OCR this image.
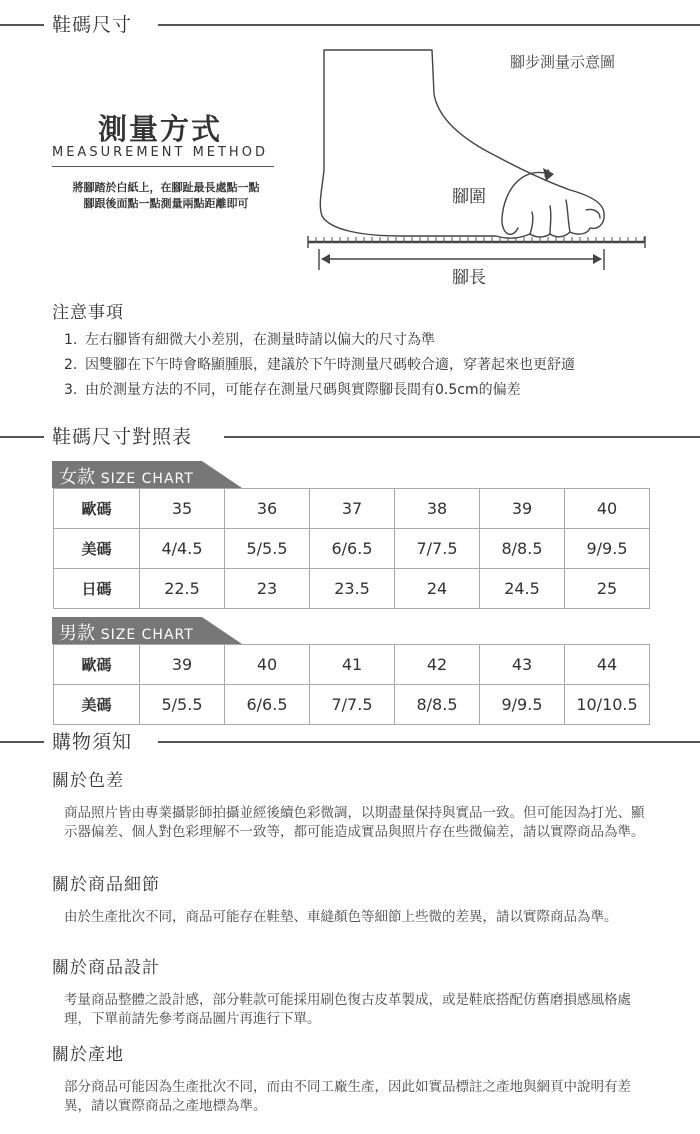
鞋碼尺寸
腳步測量示意圖
測量方式
MEASUREMENT METHOD
將腳踏於白紙上，在腳趾最長處點一點
腳跟後面點一點測量兩點距離即可	腳圍
腳長
注意事項
1. 左右腳皆有細微大小差別，在測量時請以偏大的尺寸為準
2. 因雙腳在下午時會略顯腫脹，建議於下午時測量尺碼較合適，穿著起來也更舒適
3. 由於測量方法的不同，可能存在測量尺碼與實際腳長間有0.5cm的偏差
鞋碼尺寸對照表
女款 SIZE CHART
歐碼	35	36	37	38	39	40
美碼	4/4.5	5/5.5	6/6.5	7/7.5	8/8.5	9/9.5
日碼	22.5	23	23.5	24	24.5	25
男款 SIZE CHART
歐碼	39	40	41	42	43	44
美碼	5/5.5	6/6.5	7/7.5	8/8.5	9/9.5	10/10.5
購物須知
關於色差
商品照片皆由專業攝影師拍攝並經後續色彩微調，以期盡量保持與實品一致。但可能因為打光、顯示器偏差、個人對色彩理解不一致等，都可能造成實品與照片存在些微偏差，請以實際商品為準。
關於商品細節
由於生產批次不同，商品可能存在鞋墊、車縫顏色等細節上些微的差異，請以實際商品為準。
關於商品設計
考量商品整體之設計感，部分鞋款可能採用刷色復古皮革製成，或是鞋底搭配仿舊磨損感風格處理，下單前請先參考商品圖片再進行下單。
關於產地
部分商品可能因為生產批次不同，而由不同工廠生產，因此如實品標註之產地與網頁中說明有差異，請以實際商品之產地標為準。
